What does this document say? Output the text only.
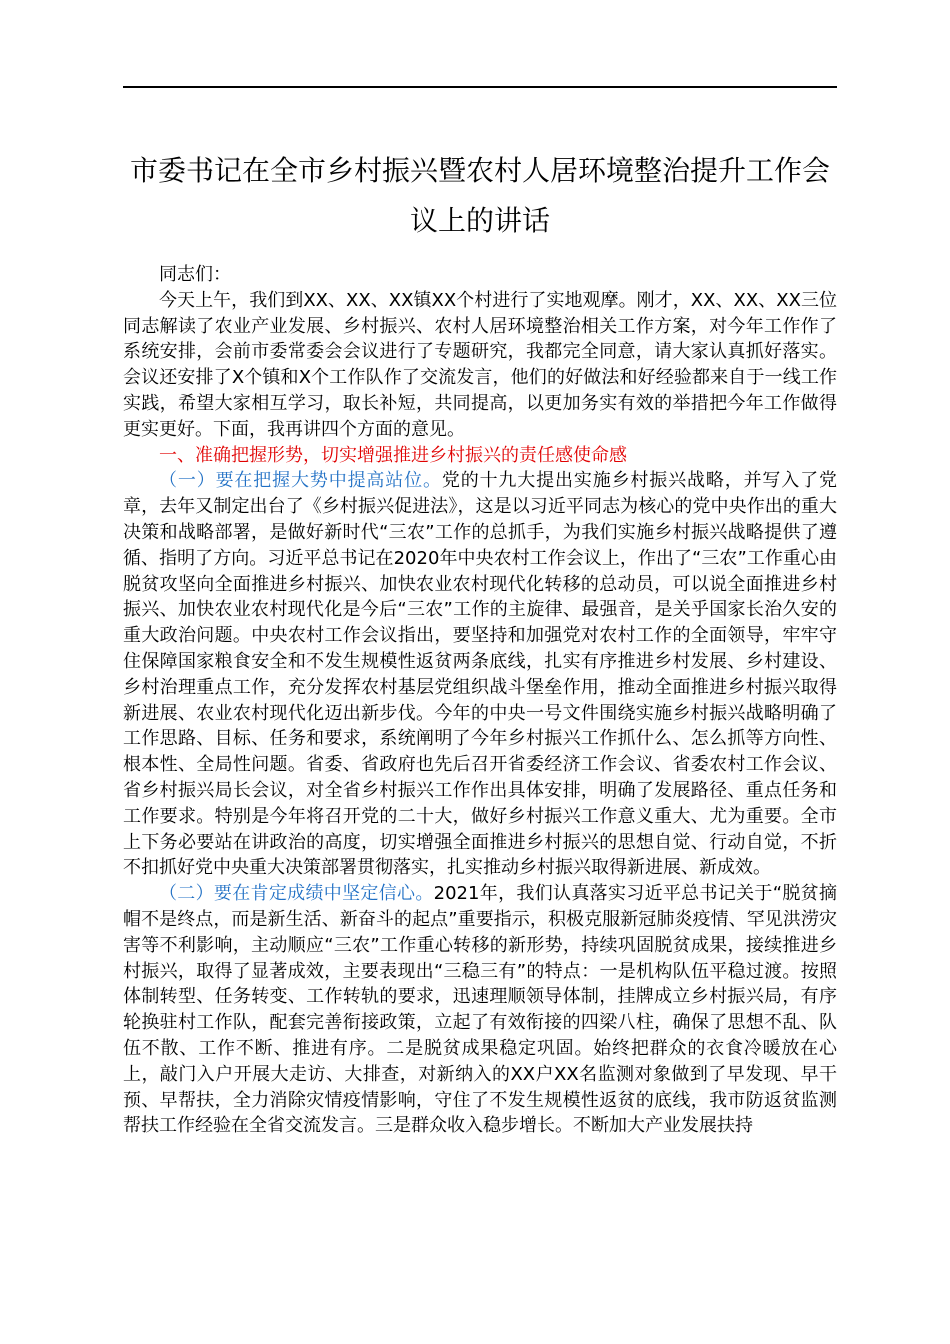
市委书记在全市乡村振兴暨农村人居环境整治提升工作会议上的讲话

同志们：

今天上午，我们到XX、XX、XX镇XX个村进行了实地观摩。刚才，XX、XX、XX三位同志解读了农业产业发展、乡村振兴、农村人居环境整治相关工作方案，对今年工作作了系统安排，会前市委常委会会议进行了专题研究，我都完全同意，请大家认真抓好落实。会议还安排了X个镇和X个工作队作了交流发言，他们的好做法和好经验都来自于一线工作实践，希望大家相互学习，取长补短，共同提高，以更加务实有效的举措把今年工作做得更实更好。下面，我再讲四个方面的意见。

一、准确把握形势，切实增强推进乡村振兴的责任感使命感

（一）要在把握大势中提高站位。党的十九大提出实施乡村振兴战略，并写入了党章，去年又制定出台了《乡村振兴促进法》，这是以习近平同志为核心的党中央作出的重大决策和战略部署，是做好新时代“三农”工作的总抓手，为我们实施乡村振兴战略提供了遵循、指明了方向。习近平总书记在2020年中央农村工作会议上，作出了“三农”工作重心由脱贫攻坚向全面推进乡村振兴、加快农业农村现代化转移的总动员，可以说全面推进乡村振兴、加快农业农村现代化是今后“三农”工作的主旋律、最强音，是关乎国家长治久安的重大政治问题。中央农村工作会议指出，要坚持和加强党对农村工作的全面领导，牢牢守住保障国家粮食安全和不发生规模性返贫两条底线，扎实有序推进乡村发展、乡村建设、乡村治理重点工作，充分发挥农村基层党组织战斗堡垒作用，推动全面推进乡村振兴取得新进展、农业农村现代化迈出新步伐。今年的中央一号文件围绕实施乡村振兴战略明确了工作思路、目标、任务和要求，系统阐明了今年乡村振兴工作抓什么、怎么抓等方向性、根本性、全局性问题。省委、省政府也先后召开省委经济工作会议、省委农村工作会议、省乡村振兴局长会议，对全省乡村振兴工作作出具体安排，明确了发展路径、重点任务和工作要求。特别是今年将召开党的二十大，做好乡村振兴工作意义重大、尤为重要。全市上下务必要站在讲政治的高度，切实增强全面推进乡村振兴的思想自觉、行动自觉，不折不扣抓好党中央重大决策部署贯彻落实，扎实推动乡村振兴取得新进展、新成效。

（二）要在肯定成绩中坚定信心。2021年，我们认真落实习近平总书记关于“脱贫摘帽不是终点，而是新生活、新奋斗的起点”重要指示，积极克服新冠肺炎疫情、罕见洪涝灾害等不利影响，主动顺应“三农”工作重心转移的新形势，持续巩固脱贫成果，接续推进乡村振兴，取得了显著成效，主要表现出“三稳三有”的特点：一是机构队伍平稳过渡。按照体制转型、任务转变、工作转轨的要求，迅速理顺领导体制，挂牌成立乡村振兴局，有序轮换驻村工作队，配套完善衔接政策，立起了有效衔接的四梁八柱，确保了思想不乱、队伍不散、工作不断、推进有序。二是脱贫成果稳定巩固。始终把群众的衣食冷暖放在心上，敲门入户开展大走访、大排查，对新纳入的XX户XX名监测对象做到了早发现、早干预、早帮扶，全力消除灾情疫情影响，守住了不发生规模性返贫的底线，我市防返贫监测帮扶工作经验在全省交流发言。三是群众收入稳步增长。不断加大产业发展扶持
